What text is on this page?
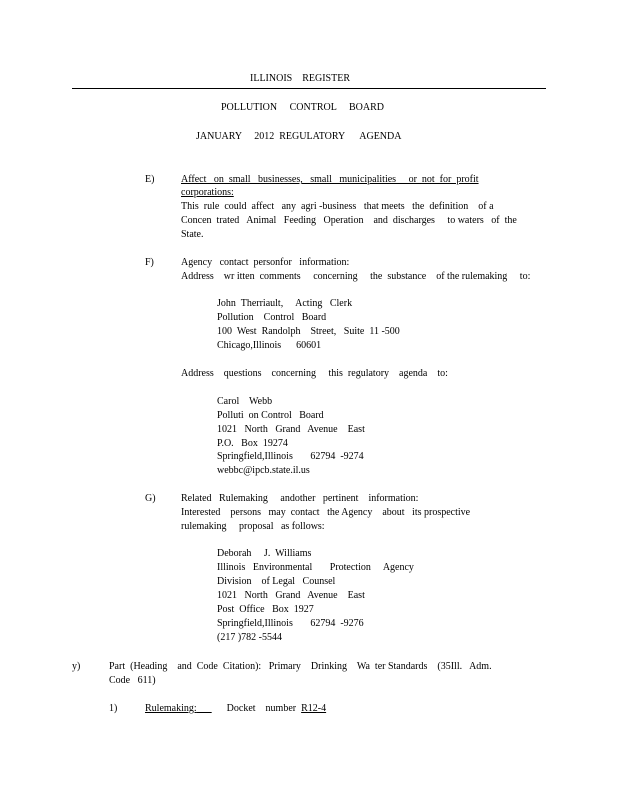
ILLINOIS    REGISTER
POLLUTION     CONTROL     BOARD
JANUARY     2012  REGULATORY      AGENDA
E)	Affect   on  small   businesses,   small   municipalities     or  not  for  profit
corporations:
This  rule  could  affect   any  agri -business   that meets   the  definition    of a
Concen  trated   Animal   Feeding   Operation    and  discharges     to waters   of  the
State.
F)	Agency   contact  personfor   information:
Address    wr itten  comments     concerning     the  substance    of the rulemaking     to:
John  Therriault,     Acting   Clerk
Pollution    Control   Board
100  West  Randolph    Street,   Suite  11 -500
Chicago,Illinois      60601
Address    questions    concerning     this  regulatory    agenda    to:
Carol    Webb
Polluti  on Control   Board
1021   North   Grand   Avenue    East
P.O.   Box  19274
Springfield,Illinois       62794  -9274
webbc@ipcb.state.il.us
G)	Related   Rulemaking     andother   pertinent    information:
Interested    persons   may  contact   the Agency    about   its prospective
rulemaking     proposal   as follows:
Deborah     J.  Williams
Illinois   Environmental       Protection     Agency
Division    of Legal   Counsel
1021   North   Grand   Avenue    East
Post  Office   Box  1927
Springfield,Illinois       62794  -9276
(217 )782 -5544
y)	Part  (Heading    and  Code  Citation):   Primary    Drinking    Wa  ter Standards    (35Ill.   Adm.
Code   611)
1)	Rulemaking:	Docket    number  R12-4
